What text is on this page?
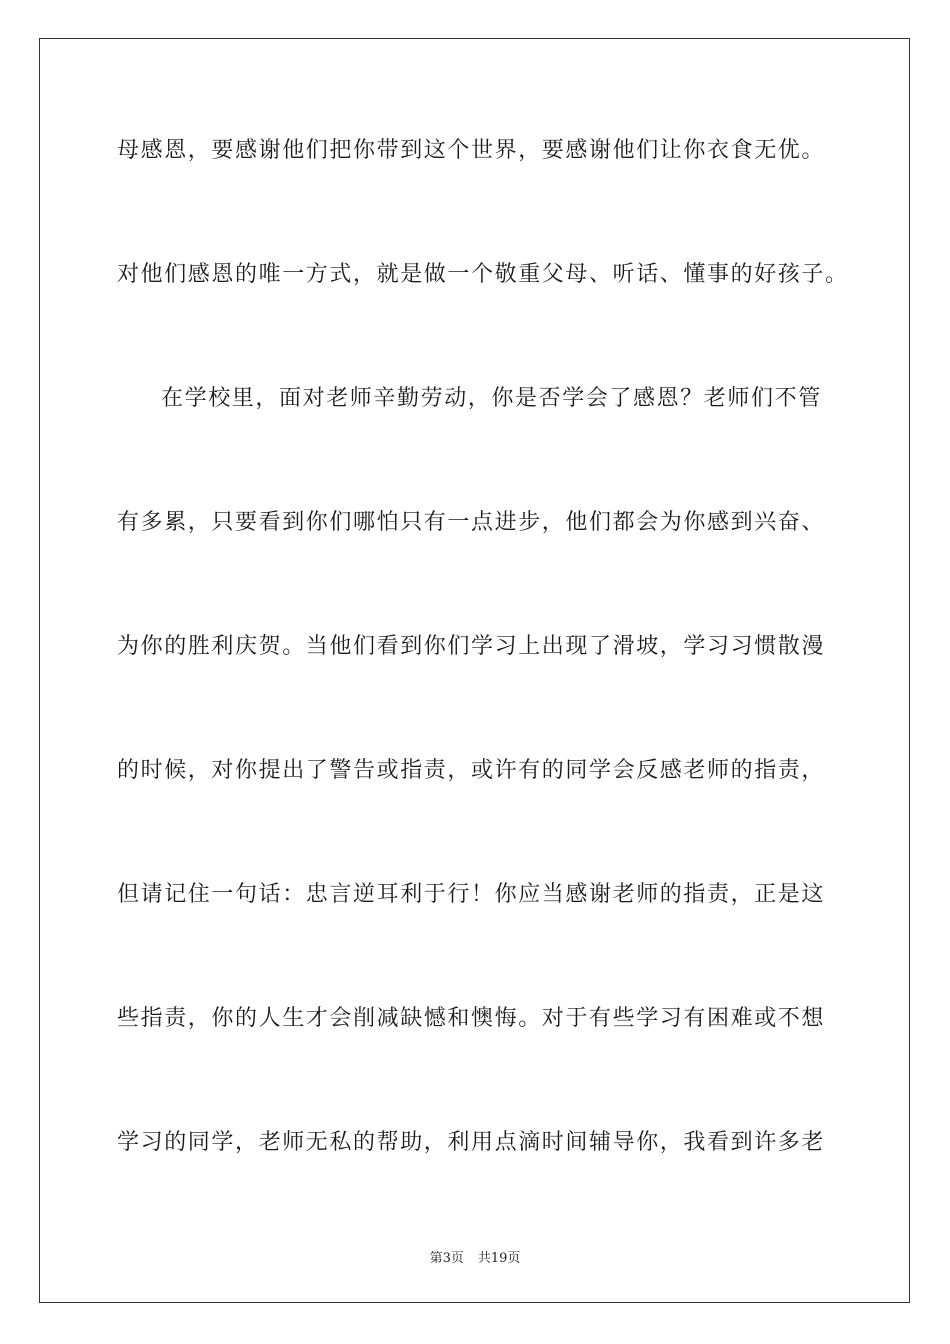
母感恩，要感谢他们把你带到这个世界，要感谢他们让你衣食无优。
对他们感恩的唯一方式，就是做一个敬重父母、听话、懂事的好孩子。
在学校里，面对老师辛勤劳动，你是否学会了感恩？老师们不管
有多累，只要看到你们哪怕只有一点进步，他们都会为你感到兴奋、
为你的胜利庆贺。当他们看到你们学习上出现了滑坡，学习习惯散漫
的时候，对你提出了警告或指责，或许有的同学会反感老师的指责，
但请记住一句话：忠言逆耳利于行！你应当感谢老师的指责，正是这
些指责，你的人生才会削减缺憾和懊悔。对于有些学习有困难或不想
学习的同学，老师无私的帮助，利用点滴时间辅导你，我看到许多老
第3页 共19页
